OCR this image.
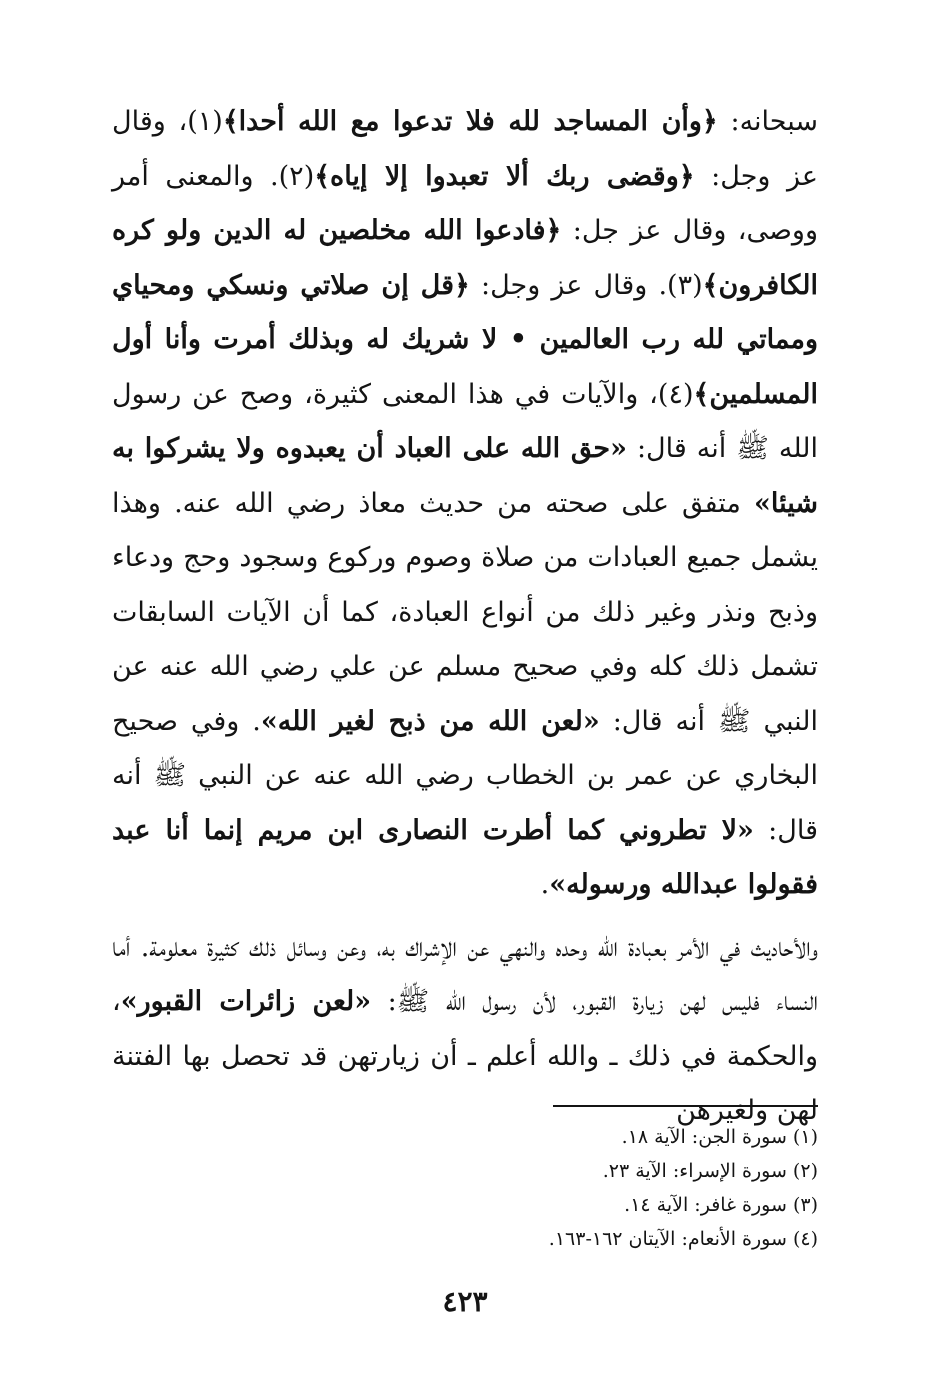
سبحانه: ﴿وأن المساجد لله فلا تدعوا مع الله أحدا﴾(١)، وقال عز وجل: ﴿وقضى ربك ألا تعبدوا إلا إياه﴾(٢). والمعنى أمر ووصى، وقال عز جل: ﴿فادعوا الله مخلصين له الدين ولو كره الكافرون﴾(٣). وقال عز وجل: ﴿قل إن صلاتي ونسكي ومحياي ومماتي لله رب العالمين • لا شريك له وبذلك أمرت وأنا أول المسلمين﴾(٤)، والآيات في هذا المعنى كثيرة، وصح عن رسول الله ﷺ أنه قال: «حق الله على العباد أن يعبدوه ولا يشركوا به شيئا» متفق على صحته من حديث معاذ رضي الله عنه. وهذا يشمل جميع العبادات من صلاة وصوم وركوع وسجود وحج ودعاء وذبح ونذر وغير ذلك من أنواع العبادة، كما أن الآيات السابقات تشمل ذلك كله وفي صحيح مسلم عن علي رضي الله عنه عن النبي ﷺ أنه قال: «لعن الله من ذبح لغير الله». وفي صحيح البخاري عن عمر بن الخطاب رضي الله عنه عن النبي ﷺ أنه قال: «لا تطروني كما أطرت النصارى ابن مريم إنما أنا عبد فقولوا عبدالله ورسوله».

والأحاديث في الأمر بعبادة الله وحده والنهي عن الإشراك به، وعن وسائل ذلك كثيرة معلومة. أما النساء فليس لهن زيارة القبور، لأن رسول الله ﷺ: «لعن زائرات القبور»، والحكمة في ذلك ـ والله أعلم ـ أن زيارتهن قد تحصل بها الفتنة لهن ولغيرهن

(١) سورة الجن: الآية ١٨.
(٢) سورة الإسراء: الآية ٢٣.
(٣) سورة غافر: الآية ١٤.
(٤) سورة الأنعام: الآيتان ١٦٢-١٦٣.
٤٢٣
